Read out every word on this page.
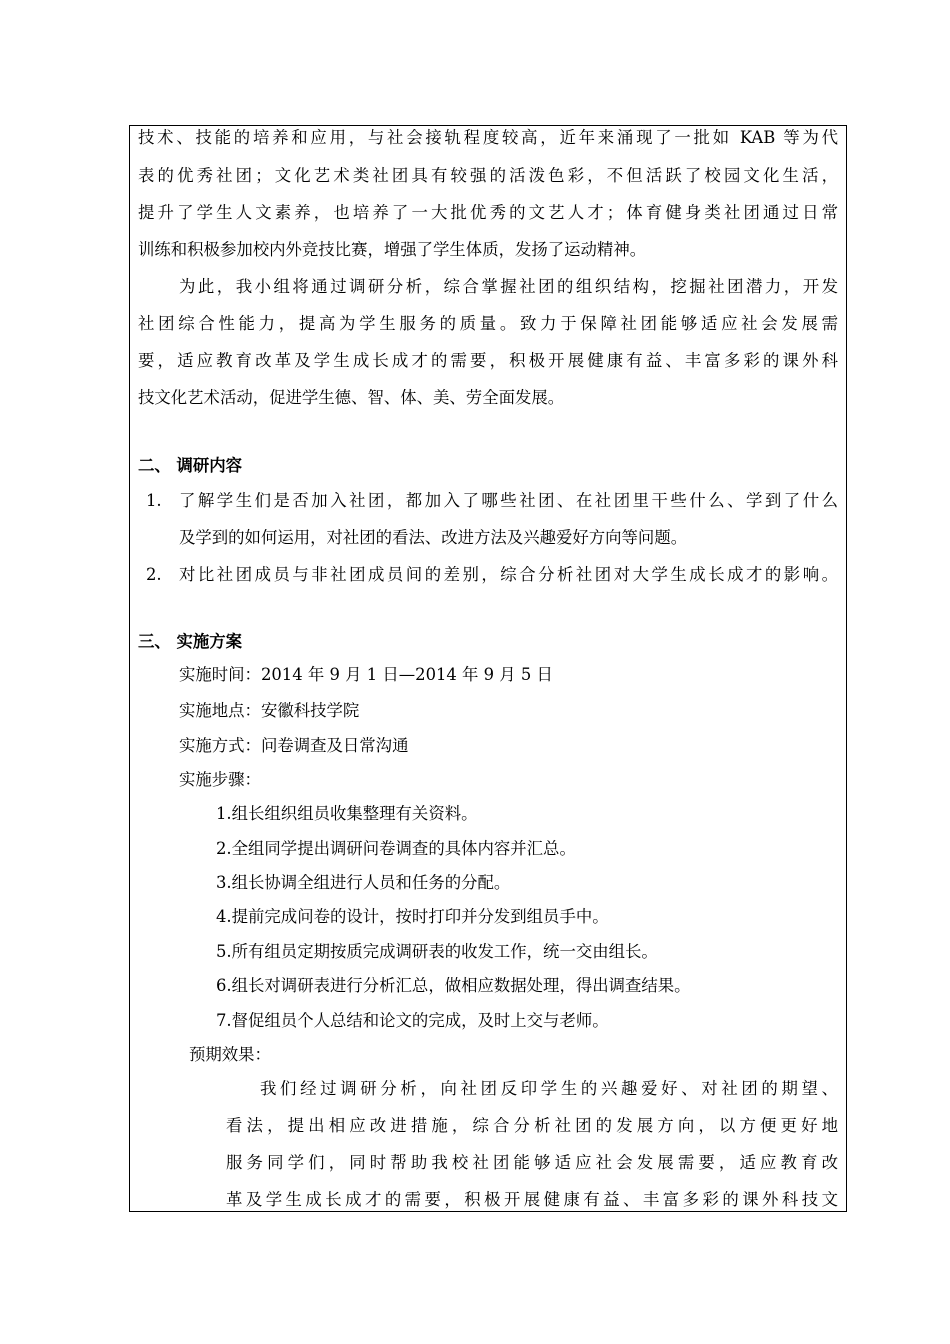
技术、技能的培养和应用，与社会接轨程度较高，近年来涌现了一批如 KAB 等为代
表的优秀社团；文化艺术类社团具有较强的活泼色彩，不但活跃了校园文化生活，
提升了学生人文素养，也培养了一大批优秀的文艺人才；体育健身类社团通过日常
训练和积极参加校内外竞技比赛，增强了学生体质，发扬了运动精神。
为此，我小组将通过调研分析，综合掌握社团的组织结构，挖掘社团潜力，开发
社团综合性能力，提高为学生服务的质量。致力于保障社团能够适应社会发展需
要，适应教育改革及学生成长成才的需要，积极开展健康有益、丰富多彩的课外科
技文化艺术活动，促进学生德、智、体、美、劳全面发展。
二、 调研内容
1. 了解学生们是否加入社团，都加入了哪些社团、在社团里干些什么、学到了什么
及学到的如何运用，对社团的看法、改进方法及兴趣爱好方向等问题。
2. 对比社团成员与非社团成员间的差别，综合分析社团对大学生成长成才的影响。
三、 实施方案
实施时间：2014 年 9 月 1 日—2014 年 9 月 5 日
实施地点：安徽科技学院
实施方式：问卷调查及日常沟通
实施步骤：
1.组长组织组员收集整理有关资料。
2.全组同学提出调研问卷调查的具体内容并汇总。
3.组长协调全组进行人员和任务的分配。
4.提前完成问卷的设计，按时打印并分发到组员手中。
5.所有组员定期按质完成调研表的收发工作，统一交由组长。
6.组长对调研表进行分析汇总，做相应数据处理，得出调查结果。
7.督促组员个人总结和论文的完成，及时上交与老师。
预期效果：
我们经过调研分析，向社团反印学生的兴趣爱好、对社团的期望、
看法，提出相应改进措施，综合分析社团的发展方向，以方便更好地
服务同学们，同时帮助我校社团能够适应社会发展需要，适应教育改
革及学生成长成才的需要，积极开展健康有益、丰富多彩的课外科技文
